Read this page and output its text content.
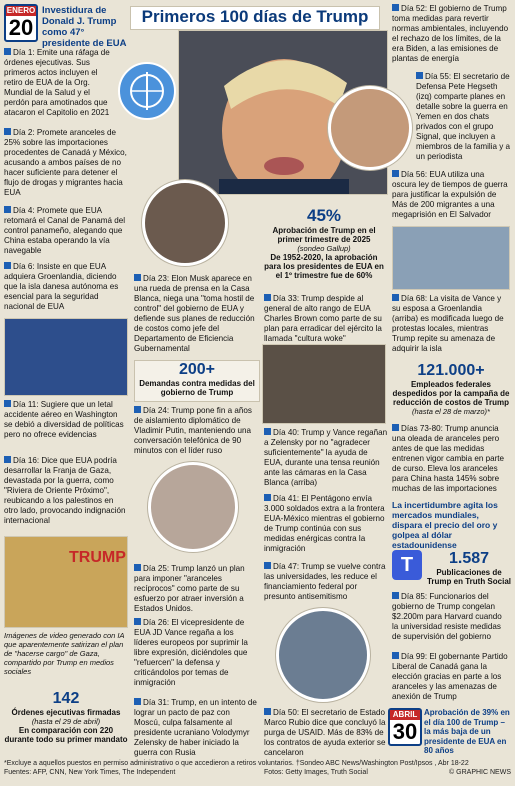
Primeros 100 días de Trump
ENERO
20
Investidura de Donald J. Trump como 47° presidente de EUA
Día 1: Emite una ráfaga de órdenes ejecutivas. Sus primeros actos incluyen el retiro de EUA de la Org. Mundial de la Salud y el perdón para amotinados que atacaron el Capitolio en 2021
Día 2: Promete aranceles de 25% sobre las importaciones procedentes de Canadá y México, acusando a ambos países de no hacer suficiente para detener el flujo de drogas y migrantes hacia EUA
Día 4: Promete que EUA retomará el Canal de Panamá del control panameño, alegando que China estaba operando la vía navegable
Día 6: Insiste en que EUA adquiera Groenlandia, diciendo que la isla danesa autónoma es esencial para la seguridad nacional de EUA
Día 11: Sugiere que un letal accidente aéreo en Washington se debió a diversidad de políticas pero no ofrece evidencias
Día 16: Dice que EUA podría desarrollar la Franja de Gaza, devastada por la guerra, como "Riviera de Oriente Próximo", reubicando a los palestinos en otro lado, provocando indignación internacional
TRUMP
Imágenes de video generado con IA que aparentemente satirizan el plan de "hacerse cargo" de Gaza, compartido por Trump en medios sociales
142
Órdenes ejecutivas firmadas
(hasta el 29 de abril)
En comparación con 220 durante todo su primer mandato
Día 23: Elon Musk aparece en una rueda de prensa en la Casa Blanca, niega una "toma hostil de control" del gobierno de EUA y defiende sus planes de reducción de costos como jefe del Departamento de Eficiencia Gubernamental
200+
Demandas contra medidas del gobierno de Trump
Día 24: Trump pone fin a años de aislamiento diplomático de Vladimir Putin, manteniendo una conversación telefónica de 90 minutos con el líder ruso
Día 25: Trump lanzó un plan para imponer "aranceles recíprocos" como parte de su esfuerzo por atraer inversión a Estados Unidos.
Día 26: El vicepresidente de EUA JD Vance regaña a los líderes europeos por suprimir la libre expresión, diciéndoles que "refuercen" la defensa y criticándolos por temas de inmigración
Día 31: Trump, en un intento de lograr un pacto de paz con Moscú, culpa falsamente al presidente ucraniano Volodymyr Zelensky de haber iniciado la guerra con Rusia
45%
Aprobación de Trump en el primer trimestre de 2025
(sondeo Gallup)
De 1952-2020, la aprobación para los presidentes de EUA en el 1º trimestre fue de 60%
Día 33: Trump despide al general de alto rango de EUA Charles Brown como parte de su plan para erradicar del ejército la llamada "cultura woke"
Día 40: Trump y Vance regañan a Zelensky por no "agradecer suficientemente" la ayuda de EUA, durante una tensa reunión ante las cámaras en la Casa Blanca (arriba)
Día 41: El Pentágono envía 3.000 soldados extra a la frontera EUA-México mientras el gobierno de Trump continúa con sus medidas enérgicas contra la inmigración
Día 47: Trump se vuelve contra las universidades, les reduce el financiamiento federal por presunto antisemitismo
Día 50: El secretario de Estado Marco Rubio dice que concluyó la purga de USAID. Más de 83% de los contratos de ayuda exterior se cancelaron
Día 52: El gobierno de Trump toma medidas para revertir normas ambientales, incluyendo el rechazo de los límites, de la era Biden, a las emisiones de plantas de energía
Día 55: El secretario de Defensa Pete Hegseth (izq) comparte planes en detalle sobre la guerra en Yemen en dos chats privados con el grupo Signal, que incluyen a miembros de la familia y a un periodista
Día 56: EUA utiliza una oscura ley de tiempos de guerra para justificar la expulsión de Más de 200 migrantes a una megaprisión en El Salvador
Día 68: La visita de Vance y su esposa a Groenlandia (arriba) es modificada luego de protestas locales, mientras Trump repite su amenaza de adquirir la isla
121.000+
Empleados federales despedidos por la campaña de reducción de costos de Trump
(hasta el 28 de marzo)*
Días 73-80: Trump anuncia una oleada de aranceles pero antes de que las medidas entrenen vigor cambia en parte de curso. Eleva los aranceles para China hasta 145% sobre muchas de las importaciones
La incertidumbre agita los mercados mundiales, dispara el precio del oro y golpea al dólar estadounidense
T	1.587
Publicaciones de Trump en Truth Social
Día 85: Funcionarios del gobierno de Trump congelan $2.200m para Harvard cuando la universidad resiste medidas de supervisión del gobierno
Día 99: El gobernante Partido Liberal de Canadá gana la elección gracias en parte a los aranceles y las amenazas de anexión de Trump
ABRIL
30
Aprobación de 39% en el día 100 de Trump – la más baja de un presidente de EUA en 80 años
*Excluye a aquellos puestos en permiso administrativo o que accedieron a retiros voluntarios. †Sondeo ABC News/Washington Post/Ipsos , Abr 18-22
Fuentes: AFP, CNN, New York Times, The Independent	Fotos: Getty Images, Truth Social	© GRAPHIC NEWS
